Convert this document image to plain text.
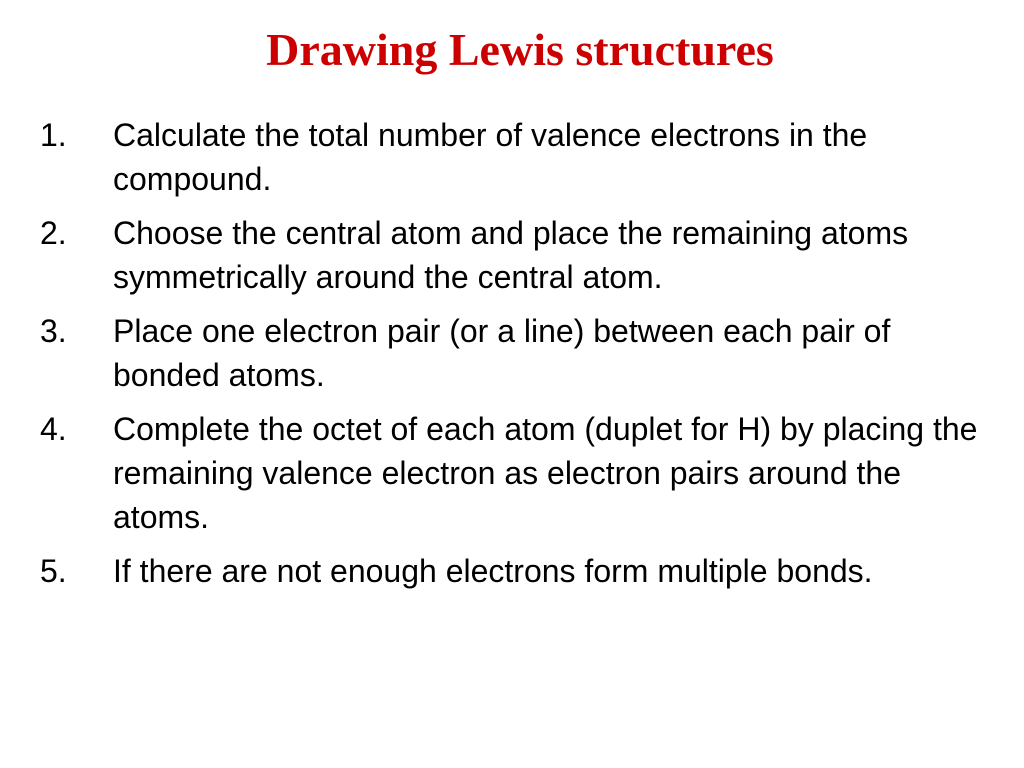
Drawing Lewis structures
1.	Calculate the total number of valence electrons in the compound.
2.	Choose the central atom and place the remaining atoms symmetrically around the central atom.
3.	Place one electron pair (or a line) between each pair of bonded atoms.
4.	Complete the octet of each atom (duplet for H) by placing the remaining valence electron as electron pairs around the atoms.
5.	If there are not enough electrons form multiple bonds.
